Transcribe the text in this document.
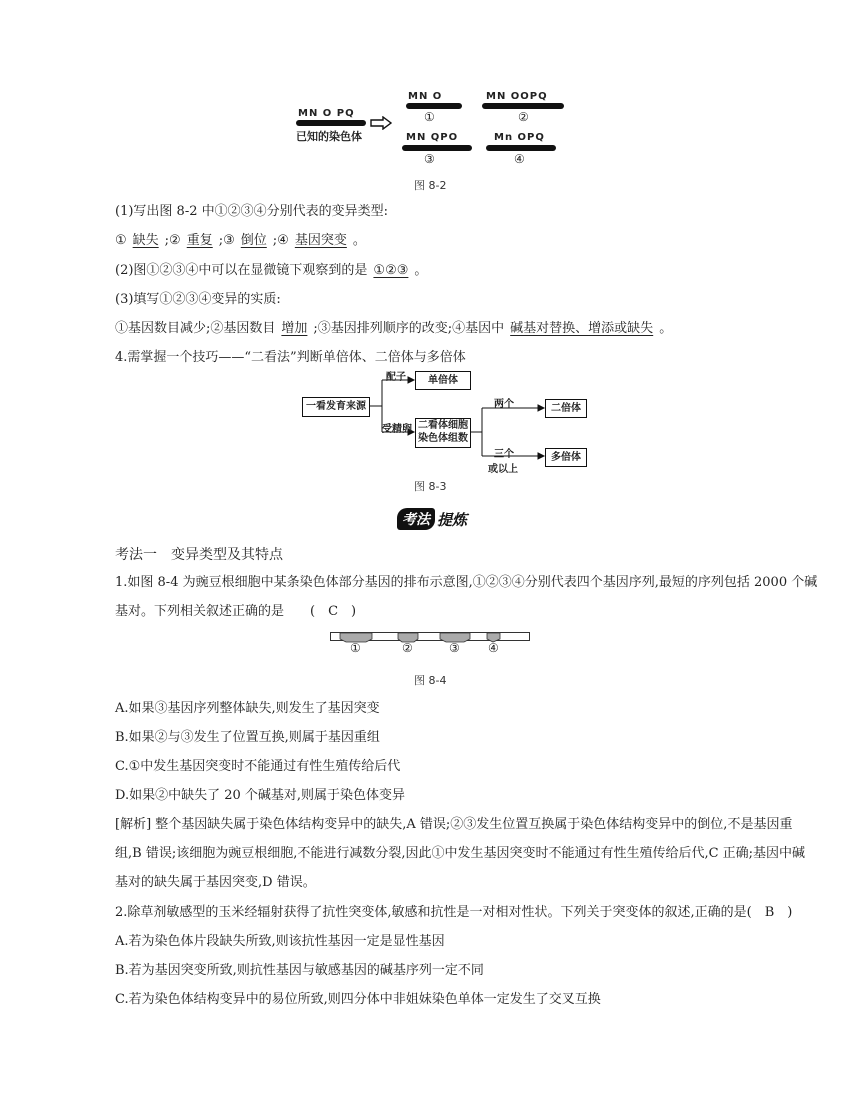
MN O PQ
已知的染色体
MN O
①
MN OOPQ
②
MN QPO
③
Mn OPQ
④
图 8-2
(1)写出图 8-2 中①②③④分别代表的变异类型:
① 缺失 ;② 重复 ;③ 倒位 ;④ 基因突变 。
(2)图①②③④中可以在显微镜下观察到的是 ①②③ 。
(3)填写①②③④变异的实质:
①基因数目减少;②基因数目 增加 ;③基因排列顺序的改变;④基因中 碱基对替换、增添或缺失 。
4.需掌握一个技巧——“二看法”判断单倍体、二倍体与多倍体
一看发育来源
配子	单倍体
受精卵 二看体细胞
染色体组数
两个	二倍体
三个
或以上
多倍体
图 8-3
考法 提炼
考法一　变异类型及其特点
1.如图 8-4 为豌豆根细胞中某条染色体部分基因的排布示意图,①②③④分别代表四个基因序列,最短的序列包括 2000 个碱
基对。下列相关叙述正确的是　　(　C　)
①	②	③ ④
图 8-4
A.如果③基因序列整体缺失,则发生了基因突变
B.如果②与③发生了位置互换,则属于基因重组
C.①中发生基因突变时不能通过有性生殖传给后代
D.如果②中缺失了 20 个碱基对,则属于染色体变异
[解析] 整个基因缺失属于染色体结构变异中的缺失,A 错误;②③发生位置互换属于染色体结构变异中的倒位,不是基因重
组,B 错误;该细胞为豌豆根细胞,不能进行减数分裂,因此①中发生基因突变时不能通过有性生殖传给后代,C 正确;基因中碱
基对的缺失属于基因突变,D 错误。
2.除草剂敏感型的玉米经辐射获得了抗性突变体,敏感和抗性是一对相对性状。下列关于突变体的叙述,正确的是(　B　)
A.若为染色体片段缺失所致,则该抗性基因一定是显性基因
B.若为基因突变所致,则抗性基因与敏感基因的碱基序列一定不同
C.若为染色体结构变异中的易位所致,则四分体中非姐妹染色单体一定发生了交叉互换
